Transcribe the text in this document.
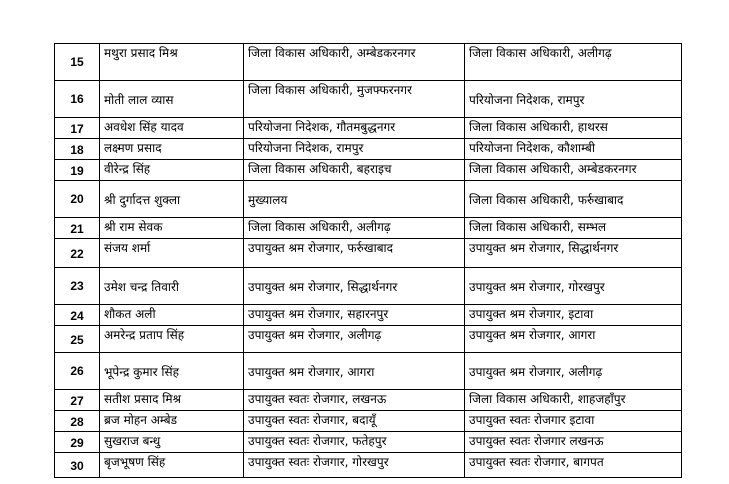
15	मथुरा प्रसाद मिश्र	जिला विकास अधिकारी, अम्बेडकरनगर	जिला विकास अधिकारी, अलीगढ़
16	मोती लाल व्यास	जिला विकास अधिकारी, मुजफ्फरनगर	परियोजना निदेशक, रामपुर
17	अवधेश सिंह यादव	परियोजना निदेशक, गौतमबुद्धनगर	जिला विकास अधिकारी, हाथरस
18	लक्ष्मण प्रसाद	परियोजना निदेशक, रामपुर	परियोजना निदेशक, कौशाम्बी
19	वीरेन्द्र सिंह	जिला विकास अधिकारी, बहराइच	जिला विकास अधिकारी, अम्बेडकरनगर
20	श्री दुर्गादत्त शुक्ला	मुख्यालय	जिला विकास अधिकारी, फर्रुखाबाद
21	श्री राम सेवक	जिला विकास अधिकारी, अलीगढ़	जिला विकास अधिकारी, सम्भल
22	संजय शर्मा	उपायुक्त श्रम रोजगार, फर्रुखाबाद	उपायुक्त श्रम रोजगार, सिद्धार्थनगर
23	उमेश चन्द्र तिवारी	उपायुक्त श्रम रोजगार, सिद्धार्थनगर	उपायुक्त श्रम रोजगार, गोरखपुर
24	शौकत अली	उपायुक्त श्रम रोजगार, सहारनपुर	उपायुक्त श्रम रोजगार, इटावा
25	अमरेन्द्र प्रताप सिंह	उपायुक्त श्रम रोजगार, अलीगढ़	उपायुक्त श्रम रोजगार, आगरा
26	भूपेन्द्र कुमार सिंह	उपायुक्त श्रम रोजगार, आगरा	उपायुक्त श्रम रोजगार, अलीगढ़
27	सतीश प्रसाद मिश्र	उपायुक्त स्वतः रोजगार, लखनऊ	जिला विकास अधिकारी, शाहजहाँपुर
28	ब्रज मोहन अम्बेड	उपायुक्त स्वतः रोजगार, बदायूँ	उपायुक्त स्वतः रोजगार इटावा
29	सुखराज बन्धु	उपायुक्त स्वतः रोजगार, फतेहपुर	उपायुक्त स्वतः रोजगार लखनऊ
30	बृजभूषण सिंह	उपायुक्त स्वतः रोजगार, गोरखपुर	उपायुक्त स्वतः रोजगार, बागपत
